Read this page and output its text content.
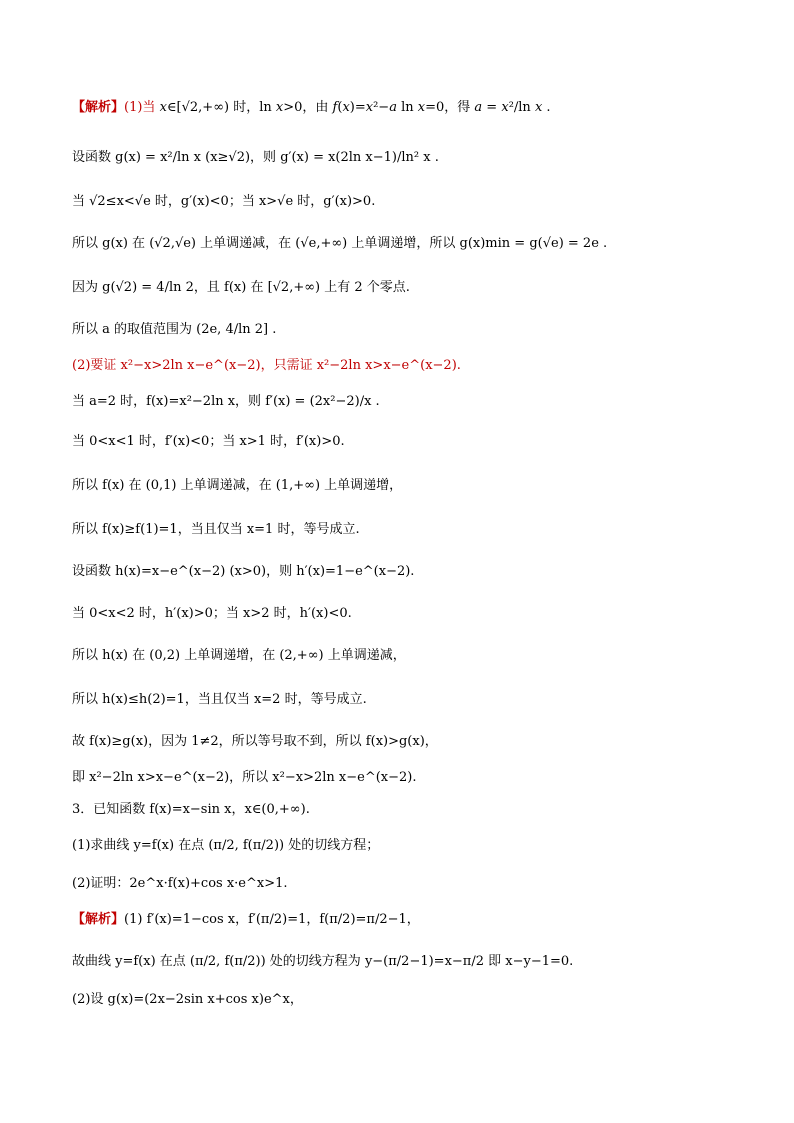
【解析】(1)当 x∈[√2,+∞) 时，ln x>0，由 f(x)=x²−a ln x=0，得 a = x²/ln x .
设函数 g(x) = x²/ln x (x≥√2)，则 g′(x) = x(2ln x−1)/ln² x .
当 √2≤x<√e 时，g′(x)<0；当 x>√e 时，g′(x)>0.
所以 g(x) 在 (√2,√e) 上单调递减，在 (√e,+∞) 上单调递增，所以 g(x)min = g(√e) = 2e .
因为 g(√2) = 4/ln 2，且 f(x) 在 [√2,+∞) 上有 2 个零点.
所以 a 的取值范围为 (2e, 4/ln 2] .
(2)要证 x²−x>2ln x−e^(x−2)，只需证 x²−2ln x>x−e^(x−2).
当 a=2 时，f(x)=x²−2ln x，则 f′(x) = (2x²−2)/x .
当 0<x<1 时，f′(x)<0；当 x>1 时，f′(x)>0.
所以 f(x) 在 (0,1) 上单调递减，在 (1,+∞) 上单调递增，
所以 f(x)≥f(1)=1，当且仅当 x=1 时，等号成立.
设函数 h(x)=x−e^(x−2) (x>0)，则 h′(x)=1−e^(x−2).
当 0<x<2 时，h′(x)>0；当 x>2 时，h′(x)<0.
所以 h(x) 在 (0,2) 上单调递增，在 (2,+∞) 上单调递减，
所以 h(x)≤h(2)=1，当且仅当 x=2 时，等号成立.
故 f(x)≥g(x)，因为 1≠2，所以等号取不到，所以 f(x)>g(x)，
即 x²−2ln x>x−e^(x−2)，所以 x²−x>2ln x−e^(x−2).
3．已知函数 f(x)=x−sin x，x∈(0,+∞).
(1)求曲线 y=f(x) 在点 (π/2, f(π/2)) 处的切线方程；
(2)证明：2e^x·f(x)+cos x·e^x>1.
【解析】(1) f′(x)=1−cos x，f′(π/2)=1，f(π/2)=π/2−1，
故曲线 y=f(x) 在点 (π/2, f(π/2)) 处的切线方程为 y−(π/2−1)=x−π/2 即 x−y−1=0.
(2)设 g(x)=(2x−2sin x+cos x)e^x，
